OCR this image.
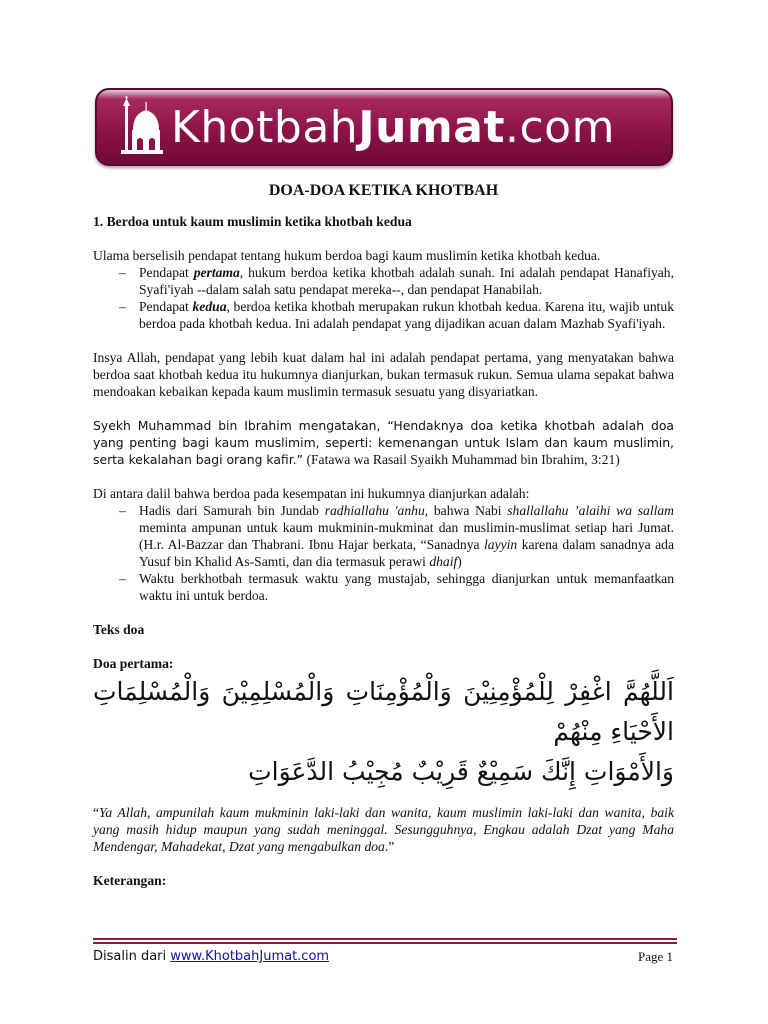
KhotbahJumat.com
DOA-DOA KETIKA KHOTBAH

1. Berdoa untuk kaum muslimin ketika khotbah kedua

Ulama berselisih pendapat tentang hukum berdoa bagi kaum muslimin ketika khotbah kedua.

– Pendapat pertama, hukum berdoa ketika khotbah adalah sunah. Ini adalah pendapat Hanafiyah, Syafi'iyah --dalam salah satu pendapat mereka--, dan pendapat Hanabilah.
– Pendapat kedua, berdoa ketika khotbah merupakan rukun khotbah kedua. Karena itu, wajib untuk berdoa pada khotbah kedua. Ini adalah pendapat yang dijadikan acuan dalam Mazhab Syafi'iyah.

Insya Allah, pendapat yang lebih kuat dalam hal ini adalah pendapat pertama, yang menyatakan bahwa berdoa saat khotbah kedua itu hukumnya dianjurkan, bukan termasuk rukun. Semua ulama sepakat bahwa mendoakan kebaikan kepada kaum muslimin termasuk sesuatu yang disyariatkan.

Syekh Muhammad bin Ibrahim mengatakan, “Hendaknya doa ketika khotbah adalah doa yang penting bagi kaum muslimim, seperti: kemenangan untuk Islam dan kaum muslimin, serta kekalahan bagi orang kafir.” (Fatawa wa Rasail Syaikh Muhammad bin Ibrahim, 3:21)

Di antara dalil bahwa berdoa pada kesempatan ini hukumnya dianjurkan adalah:

– Hadis dari Samurah bin Jundab radhiallahu 'anhu, bahwa Nabi shallallahu ’alaihi wa sallam meminta ampunan untuk kaum mukminin-mukminat dan muslimin-muslimat setiap hari Jumat. (H.r. Al-Bazzar dan Thabrani. Ibnu Hajar berkata, “Sanadnya layyin karena dalam sanadnya ada Yusuf bin Khalid As-Samti, dan dia termasuk perawi dhaif)
– Waktu berkhotbah termasuk waktu yang mustajab, sehingga dianjurkan untuk memanfaatkan waktu ini untuk berdoa.

Teks doa

Doa pertama:

اَللَّهُمَّ اغْفِرْ لِلْمُؤْمِنِيْنَ وَالْمُؤْمِنَاتِ وَالْمُسْلِمِيْنَ وَالْمُسْلِمَاتِ الأَحْيَاءِ مِنْهُمْ
وَالأَمْوَاتِ إِنَّكَ سَمِيْعٌ قَرِيْبٌ مُجِيْبُ الدَّعَوَاتِ

“Ya Allah, ampunilah kaum mukminin laki-laki dan wanita, kaum muslimin laki-laki dan wanita, baik yang masih hidup maupun yang sudah meninggal. Sesungguhnya, Engkau adalah Dzat yang Maha Mendengar, Mahadekat, Dzat yang mengabulkan doa.”

Keterangan:

Disalin dari www.KhotbahJumat.com	Page 1
